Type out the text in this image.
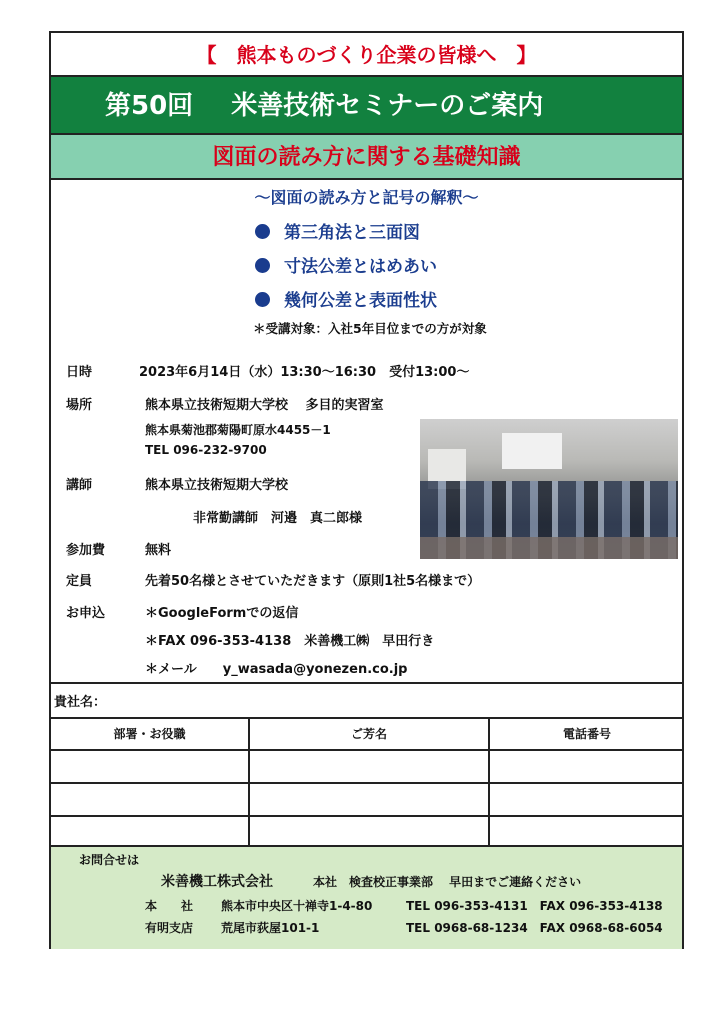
【　熊本ものづくり企業の皆様へ　】
第50回 米善技術セミナーのご案内
図面の読み方に関する基礎知識
～図面の読み方と記号の解釈～
第三角法と三面図
寸法公差とはめあい
幾何公差と表面性状
＊受講対象：入社5年目位までの方が対象
日時	2023年6月14日（水）13:30～16:30　受付13:00～
場所	熊本県立技術短期大学校　 多目的実習室
熊本県菊池郡菊陽町原水4455－1
TEL 096-232-9700
講師	熊本県立技術短期大学校
非常勤講師　河邉　真二郎様
参加費	無料
定員	先着50名様とさせていただきます（原則1社5名様まで）
お申込	＊GoogleFormでの返信
＊FAX 096-353-4138　米善機工㈱　早田行き
＊メール　　y_wasada@yonezen.co.jp
貴社名：
部署・お役職	ご芳名	電話番号
お問合せは
米善機工株式会社	本社　検査校正事業部　 早田までご連絡ください
本　　社 熊本市中央区十禅寺1-4-80	TEL 096-353-4131　FAX 096-353-4138
有明支店 荒尾市荻屋101-1	TEL 0968-68-1234　FAX 0968-68-6054
